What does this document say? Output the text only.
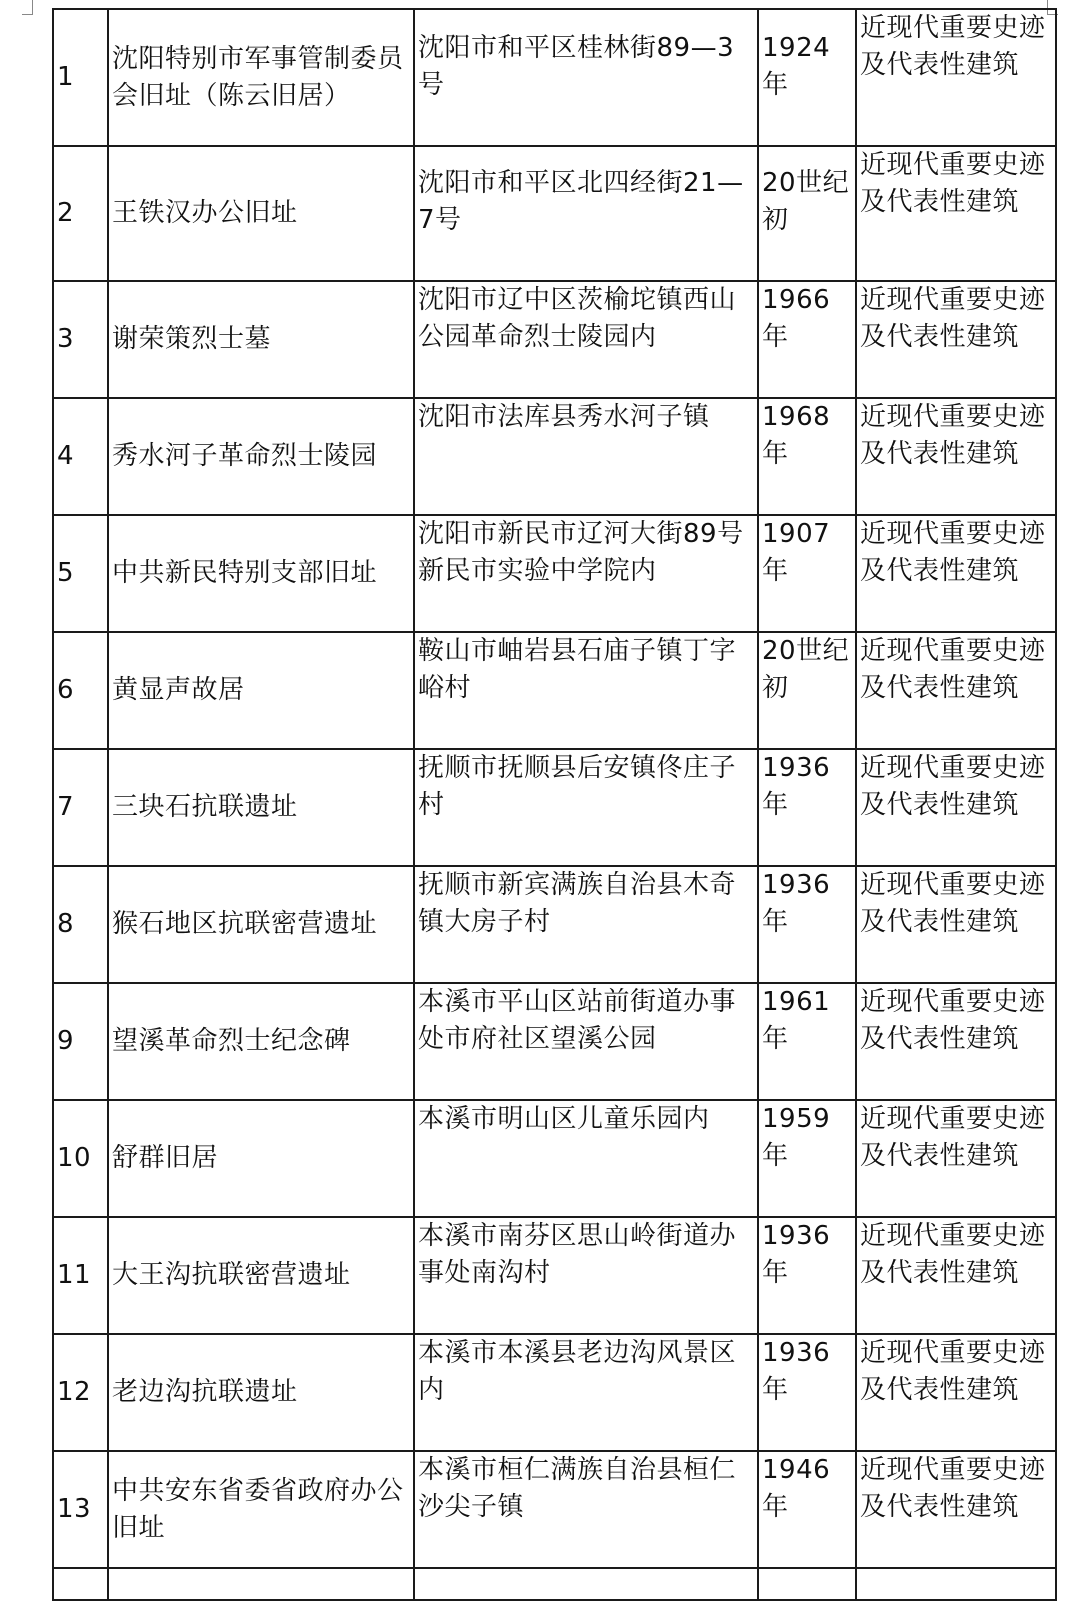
1	沈阳特别市军事管制委员会旧址（陈云旧居）	沈阳市和平区桂林街89—3号	1924年	近现代重要史迹及代表性建筑
2	王铁汉办公旧址	沈阳市和平区北四经街21—7号	20世纪初	近现代重要史迹及代表性建筑
3	谢荣策烈士墓	沈阳市辽中区茨榆坨镇西山公园革命烈士陵园内	1966年	近现代重要史迹及代表性建筑
4	秀水河子革命烈士陵园	沈阳市法库县秀水河子镇	1968年	近现代重要史迹及代表性建筑
5	中共新民特别支部旧址	沈阳市新民市辽河大街89号新民市实验中学院内	1907年	近现代重要史迹及代表性建筑
6	黄显声故居	鞍山市岫岩县石庙子镇丁字峪村	20世纪初	近现代重要史迹及代表性建筑
7	三块石抗联遗址	抚顺市抚顺县后安镇佟庄子村	1936年	近现代重要史迹及代表性建筑
8	猴石地区抗联密营遗址	抚顺市新宾满族自治县木奇镇大房子村	1936年	近现代重要史迹及代表性建筑
9	望溪革命烈士纪念碑	本溪市平山区站前街道办事处市府社区望溪公园	1961年	近现代重要史迹及代表性建筑
10	舒群旧居	本溪市明山区儿童乐园内	1959年	近现代重要史迹及代表性建筑
11	大王沟抗联密营遗址	本溪市南芬区思山岭街道办事处南沟村	1936年	近现代重要史迹及代表性建筑
12	老边沟抗联遗址	本溪市本溪县老边沟风景区内	1936年	近现代重要史迹及代表性建筑
13	中共安东省委省政府办公旧址	本溪市桓仁满族自治县桓仁沙尖子镇	1946年	近现代重要史迹及代表性建筑
